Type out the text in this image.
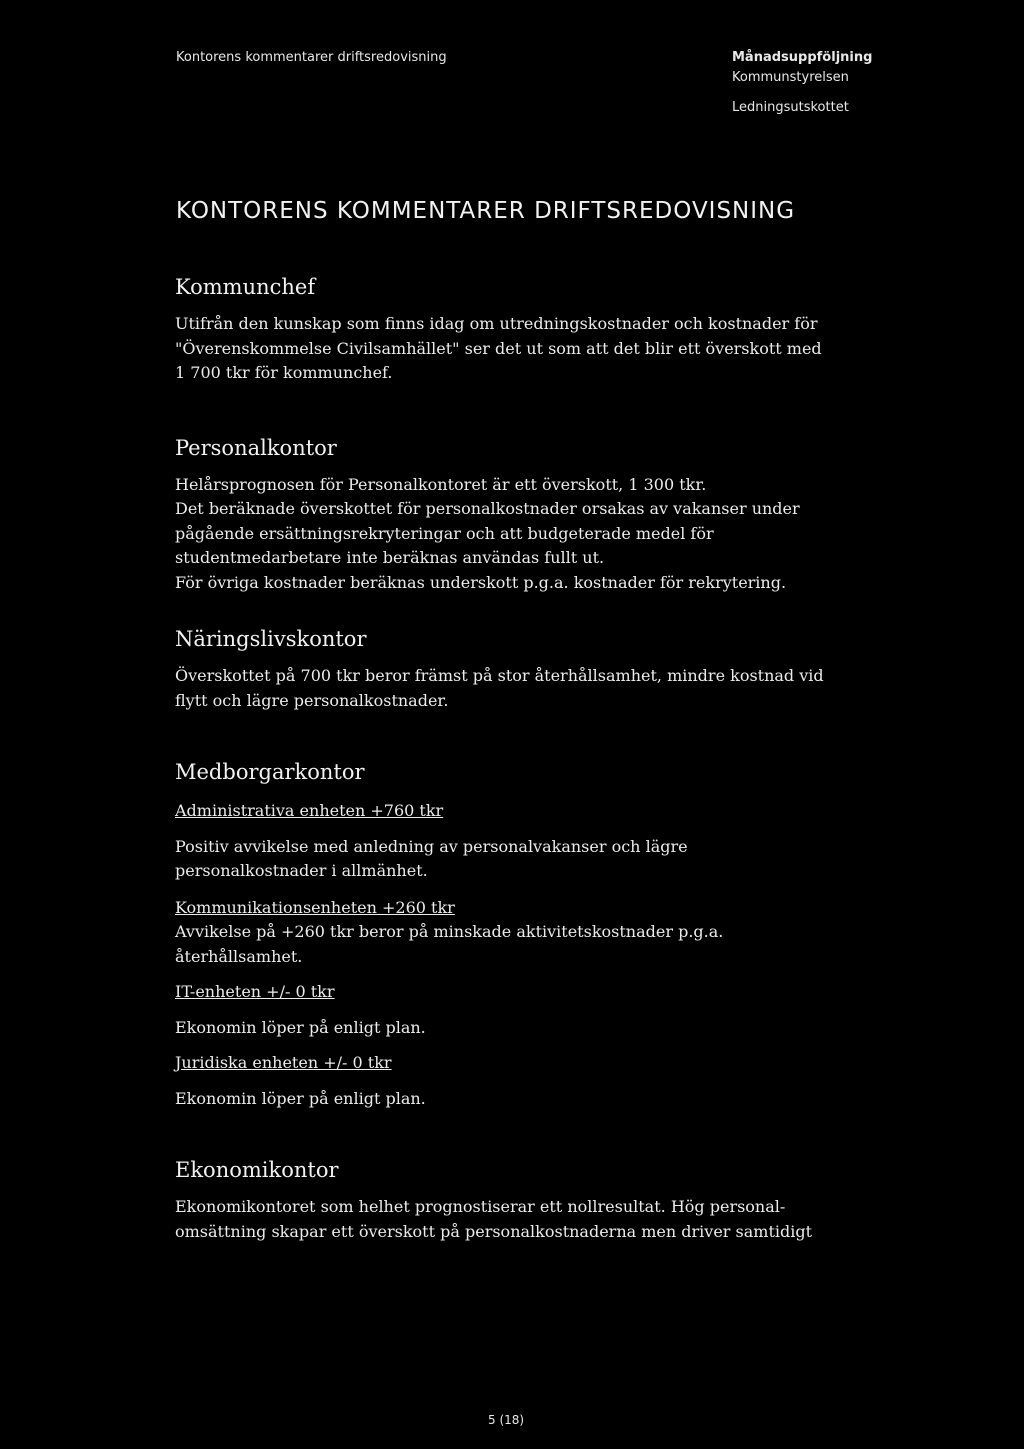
Kontorens kommentarer driftsredovisning	Månadsuppföljning
Kommunstyrelsen
Ledningsutskottet
KONTORENS KOMMENTARER DRIFTSREDOVISNING
Kommunchef

Utifrån den kunskap som finns idag om utredningskostnader och kostnader för "Överenskommelse Civilsamhället" ser det ut som att det blir ett överskott med 1 700 tkr för kommunchef.

Personalkontor

Helårsprognosen för Personalkontoret är ett överskott, 1 300 tkr.

Det beräknade överskottet för personalkostnader orsakas av vakanser under pågående ersättningsrekryteringar och att budgeterade medel för studentmedarbetare inte beräknas användas fullt ut.

För övriga kostnader beräknas underskott p.g.a. kostnader för rekrytering.

Näringslivskontor

Överskottet på 700 tkr beror främst på stor återhållsamhet, mindre kostnad vid flytt och lägre personalkostnader.

Medborgarkontor

Administrativa enheten +760 tkr

Positiv avvikelse med anledning av personalvakanser och lägre personalkostnader i allmänhet.

Kommunikationsenheten +260 tkr

Avvikelse på +260 tkr beror på minskade aktivitetskostnader p.g.a. återhållsamhet.

IT-enheten +/- 0 tkr

Ekonomin löper på enligt plan.

Juridiska enheten +/- 0 tkr

Ekonomin löper på enligt plan.

Ekonomikontor

Ekonomikontoret som helhet prognostiserar ett nollresultat. Hög personal- omsättning skapar ett överskott på personalkostnaderna men driver samtidigt

5 (18)
